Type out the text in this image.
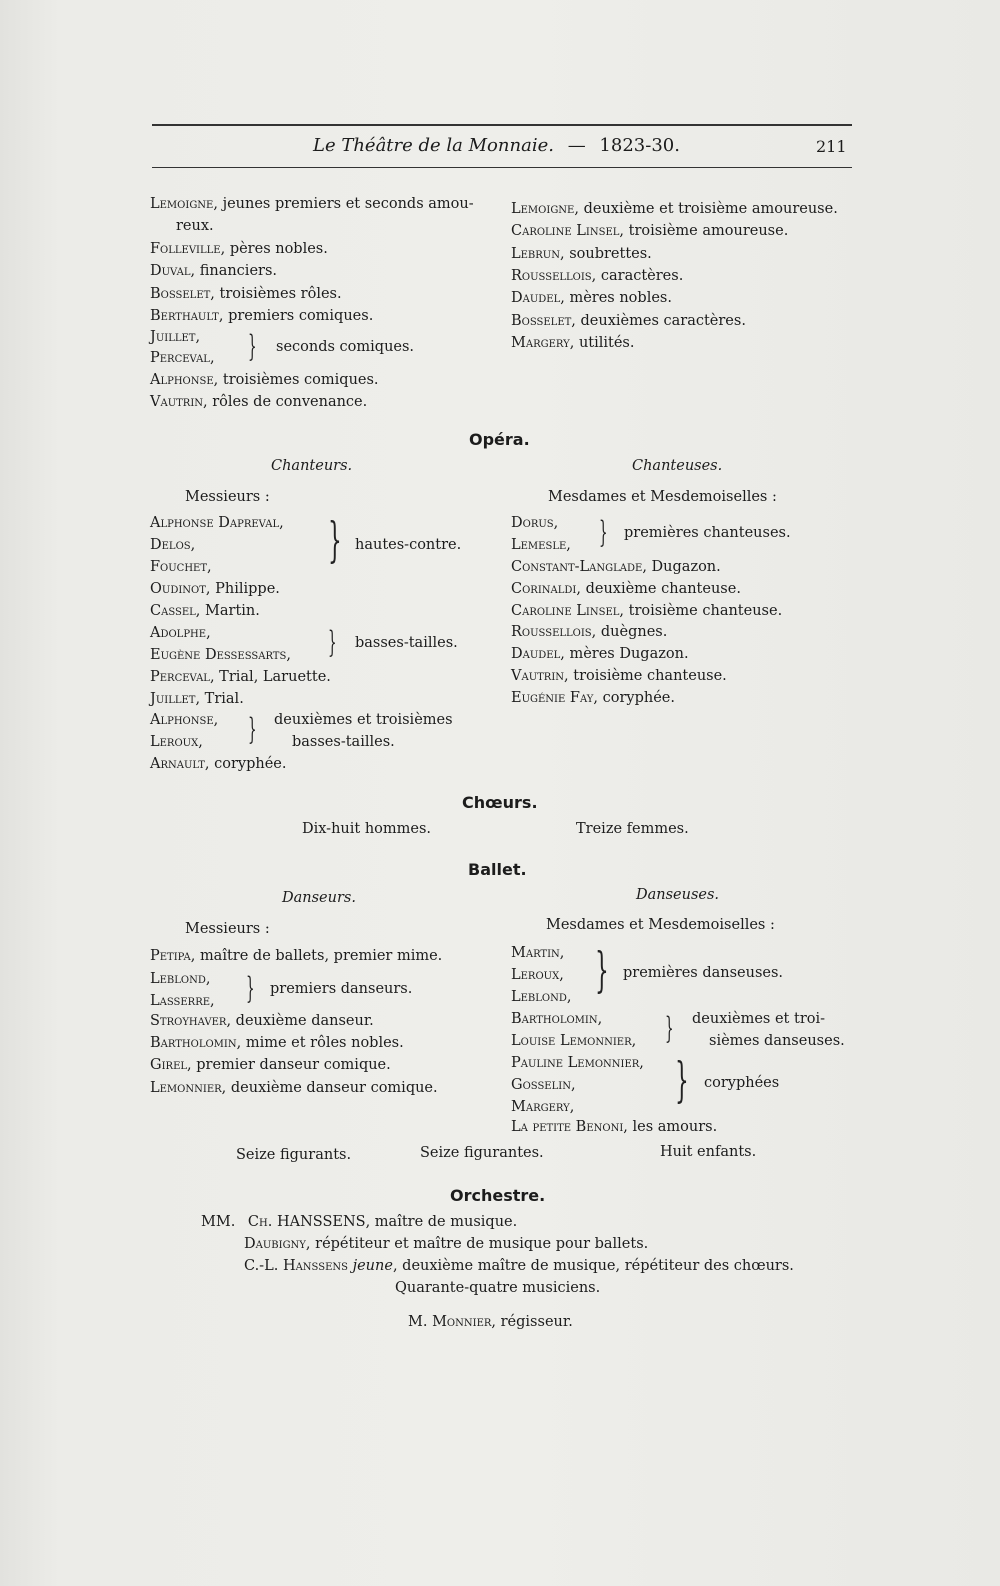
Le Théâtre de la Monnaie. — 1823-30.	211
Lemoigne, jeunes premiers et seconds amou-
reux.
Folleville, pères nobles.
Duval, financiers.
Bosselet, troisièmes rôles.
Berthault, premiers comiques.
Juillet,
Perceval, } seconds comiques.
Alphonse, troisièmes comiques.
Vautrin, rôles de convenance.
Lemoigne, deuxième et troisième amoureuse.
Caroline Linsel, troisième amoureuse.
Lebrun, soubrettes.
Roussellois, caractères.
Daudel, mères nobles.
Bosselet, deuxièmes caractères.
Margery, utilités.
Opéra.
Chanteurs.	Chanteuses.
Messieurs :	Mesdames et Mesdemoiselles :
Alphonse Dapreval,
Delos,
Fouchet, } hautes-contre.
Oudinot, Philippe.
Cassel, Martin.
Adolphe,
Eugène Dessessarts, } basses-tailles.
Perceval, Trial, Laruette.
Juillet, Trial.
Alphonse,
Leroux, } deuxièmes et troisièmes
basses-tailles.
Arnault, coryphée.
Dorus,
Lemesle, } premières chanteuses.
Constant-Langlade, Dugazon.
Corinaldi, deuxième chanteuse.
Caroline Linsel, troisième chanteuse.
Roussellois, duègnes.
Daudel, mères Dugazon.
Vautrin, troisième chanteuse.
Eugénie Fay, coryphée.
Chœurs.
Dix-huit hommes.	Treize femmes.
Ballet.
Danseurs.	Danseuses.
Messieurs :	Mesdames et Mesdemoiselles :
Petipa, maître de ballets, premier mime.
Leblond,
Lasserre, } premiers danseurs.
Stroyhaver, deuxième danseur.
Bartholomin, mime et rôles nobles.
Girel, premier danseur comique.
Lemonnier, deuxième danseur comique.
Martin,
Leroux,
Leblond, } premières danseuses.
Bartholomin,
Louise Lemonnier, } deuxièmes et troi-
sièmes danseuses.
Pauline Lemonnier,
Gosselin,
Margery, } coryphées
La petite Benoni, les amours.
Seize figurants.	Seize figurantes.	Huit enfants.
Orchestre.
MM. Ch. HANSSENS, maître de musique.
Daubigny, répétiteur et maître de musique pour ballets.
C.-L. Hanssens jeune, deuxième maître de musique, répétiteur des chœurs.
Quarante-quatre musiciens.
M. Monnier, régisseur.
